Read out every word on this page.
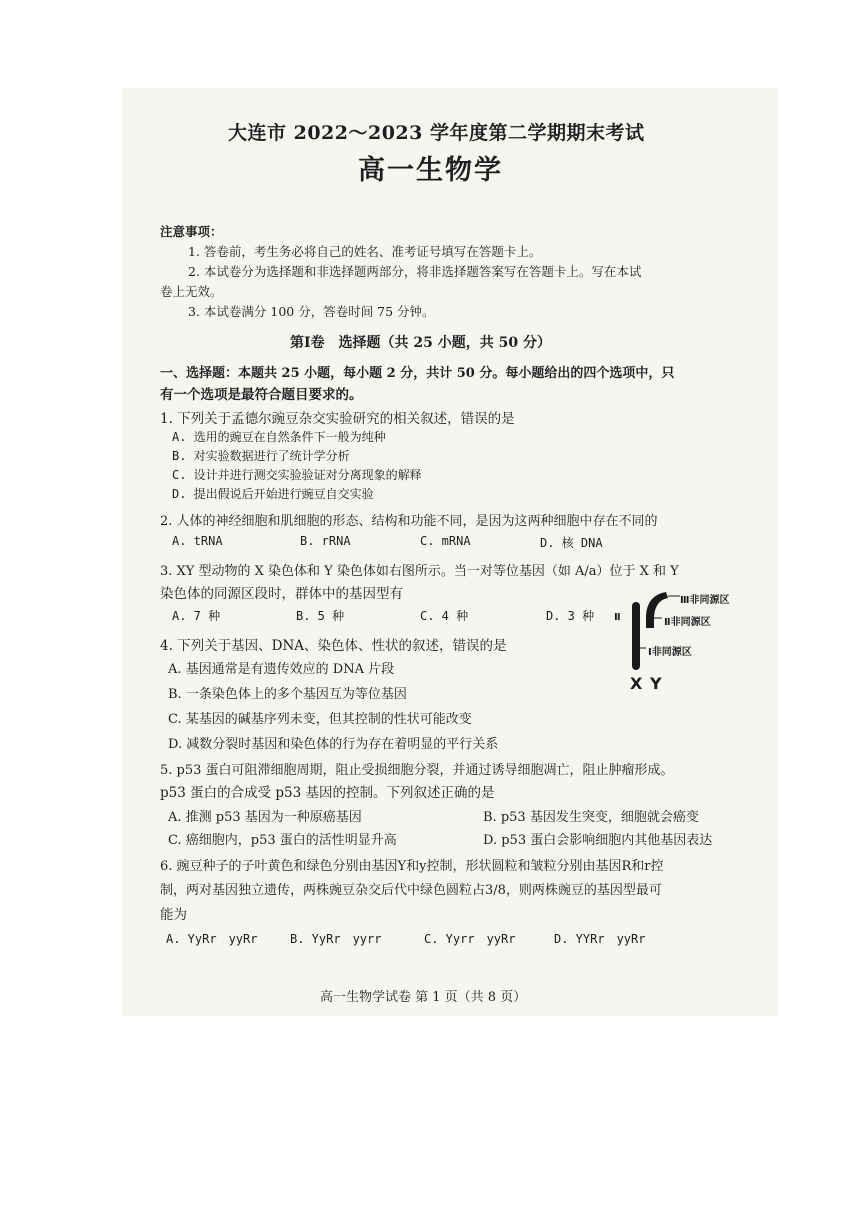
大连市 2022～2023 学年度第二学期期末考试
高一生物学
注意事项：
1. 答卷前，考生务必将自己的姓名、准考证号填写在答题卡上。
2. 本试卷分为选择题和非选择题两部分，将非选择题答案写在答题卡上。写在本试
卷上无效。
3. 本试卷满分 100 分，答卷时间 75 分钟。
第Ⅰ卷　选择题（共 25 小题，共 50 分）
一、选择题：本题共 25 小题，每小题 2 分，共计 50 分。每小题给出的四个选项中，只
有一个选项是最符合题目要求的。
1. 下列关于孟德尔豌豆杂交实验研究的相关叙述，错误的是
A. 选用的豌豆在自然条件下一般为纯种
B. 对实验数据进行了统计学分析
C. 设计并进行测交实验验证对分离现象的解释
D. 提出假说后开始进行豌豆自交实验
2. 人体的神经细胞和肌细胞的形态、结构和功能不同，是因为这两种细胞中存在不同的
A. tRNA	B. rRNA	C. mRNA	D. 核 DNA
3. XY 型动物的 X 染色体和 Y 染色体如右图所示。当一对等位基因（如 A/a）位于 X 和 Y
染色体的同源区段时，群体中的基因型有
A. 7 种	B. 5 种	C. 4 种	D. 3 种
Ⅲ非同源区
Ⅱ	Ⅱ非同源区
Ⅰ非同源区
X Y
4. 下列关于基因、DNA、染色体、性状的叙述，错误的是
A. 基因通常是有遗传效应的 DNA 片段
B. 一条染色体上的多个基因互为等位基因
C. 某基因的碱基序列未变，但其控制的性状可能改变
D. 减数分裂时基因和染色体的行为存在着明显的平行关系
5. p53 蛋白可阻滞细胞周期，阻止受损细胞分裂，并通过诱导细胞凋亡，阻止肿瘤形成。
p53 蛋白的合成受 p53 基因的控制。下列叙述正确的是
A. 推测 p53 基因为一种原癌基因	B. p53 基因发生突变，细胞就会癌变
C. 癌细胞内，p53 蛋白的活性明显升高	D. p53 蛋白会影响细胞内其他基因表达
6. 豌豆种子的子叶黄色和绿色分别由基因Y和y控制，形状圆粒和皱粒分别由基因R和r控
制，两对基因独立遗传，两株豌豆杂交后代中绿色圆粒占3/8，则两株豌豆的基因型最可
能为
A. YyRr　yyRr	B. YyRr　yyrr	C. Yyrr　yyRr	D. YYRr　yyRr
高一生物学试卷 第 1 页（共 8 页）
